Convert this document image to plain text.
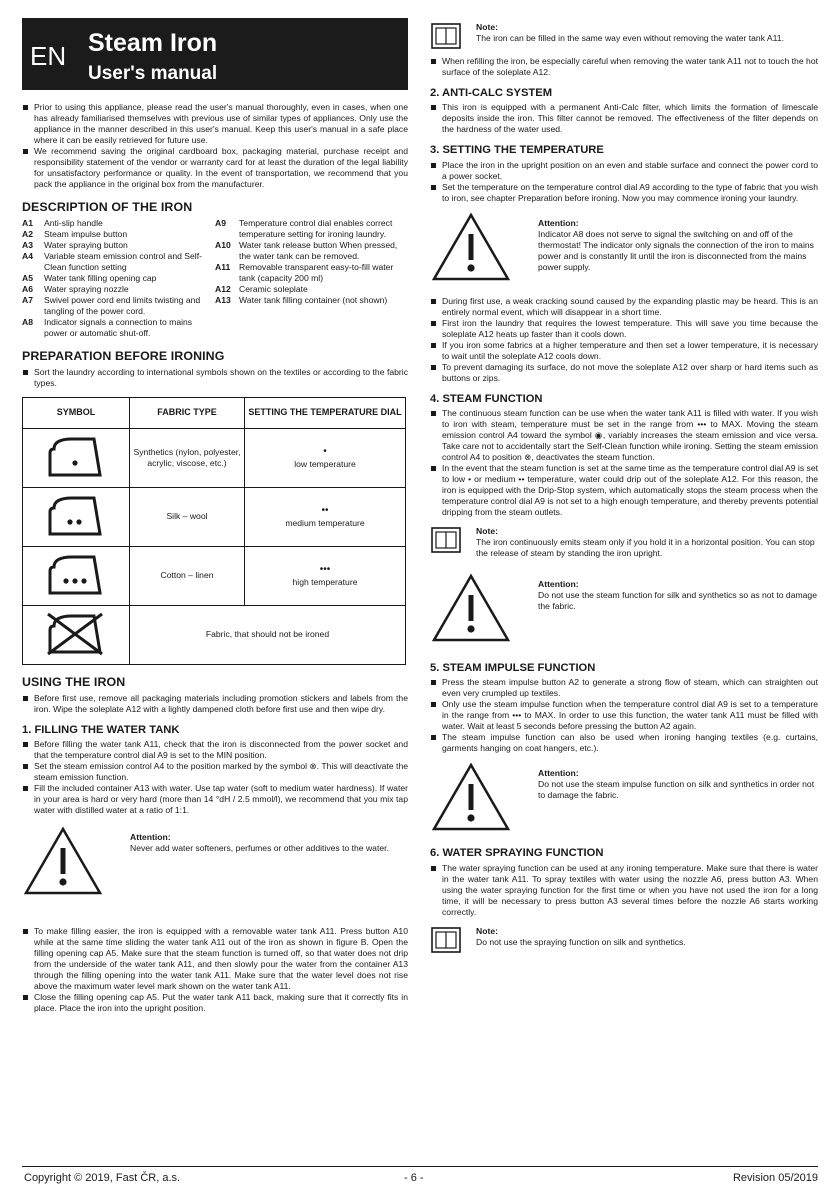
EN Steam Iron
User's manual
Prior to using this appliance, please read the user's manual thoroughly, even in cases, when one has already familiarised themselves with previous use of similar types of appliances. Only use the appliance in the manner described in this user's manual. Keep this user's manual in a safe place where it can be easily retrieved for future use.
We recommend saving the original cardboard box, packaging material, purchase receipt and responsibility statement of the vendor or warranty card for at least the duration of the legal liability for unsatisfactory performance or quality. In the event of transportation, we recommend that you pack the appliance in the original box from the manufacturer.
DESCRIPTION OF THE IRON
A1	Anti-slip handle
A2	Steam impulse button
A3	Water spraying button
A4	Variable steam emission control and Self-Clean function setting
A5	Water tank filling opening cap
A6	Water spraying nozzle
A7	Swivel power cord end limits twisting and tangling of the power cord.
A8	Indicator signals a connection to mains power or automatic shut-off.
A9	Temperature control dial enables correct temperature setting for ironing laundry.
A10 Water tank release button When pressed, the water tank can be removed.
A11	Removable transparent easy-to-fill water tank (capacity 200 ml)
A12 Ceramic soleplate
A13 Water tank filling container (not shown)
PREPARATION BEFORE IRONING
Sort the laundry according to international symbols shown on the textiles or according to the fabric types.
SYMBOL	FABRIC TYPE	SETTING THE TEMPERATURE DIAL
	Synthetics (nylon, polyester, acrylic, viscose, etc.)	•
low temperature

	Silk – wool	••
medium temperature

	Cotton – linen	•••
high temperature

	Fabric, that should not be ironed	
USING THE IRON
Before first use, remove all packaging materials including promotion stickers and labels from the iron. Wipe the soleplate A12 with a lightly dampened cloth before first use and then wipe dry.
1. FILLING THE WATER TANK
Before filling the water tank A11, check that the iron is disconnected from the power socket and that the temperature control dial A9 is set to the MIN position.
Set the steam emission control A4 to the position marked by the symbol ⊗. This will deactivate the steam emission function.
Fill the included container A13 with water. Use tap water (soft to medium water hardness). If water in your area is hard or very hard (more than 14 °dH / 2.5 mmol/l), we recommend that you mix tap water with distilled water at a ratio of 1:1.
Attention:
Never add water softeners, perfumes or other additives to the water.
To make filling easier, the iron is equipped with a removable water tank A11. Press button A10 while at the same time sliding the water tank A11 out of the iron as shown in figure B. Open the filling opening cap A5. Make sure that the steam function is turned off, so that water does not drip from the underside of the water tank A11, and then slowly pour the water from the container A13 through the filling opening into the water tank A11. Make sure that the water level does not rise above the maximum water level mark shown on the water tank A11.
Close the filling opening cap A5. Put the water tank A11 back, making sure that it correctly fits in place. Place the iron into the upright position.
Note:
The iron can be filled in the same way even without removing the water tank A11.
When refilling the iron, be especially careful when removing the water tank A11 not to touch the hot surface of the soleplate A12.
2. ANTI-CALC SYSTEM
This iron is equipped with a permanent Anti-Calc filter, which limits the formation of limescale deposits inside the iron. This filter cannot be removed. The effectiveness of the filter depends on the hardness of the water used.
3. SETTING THE TEMPERATURE
Place the iron in the upright position on an even and stable surface and connect the power cord to a power socket.
Set the temperature on the temperature control dial A9 according to the type of fabric that you wish to iron, see chapter Preparation before ironing. Now you may commence ironing your laundry.
Attention:
Indicator A8 does not serve to signal the switching on and off of the thermostat! The indicator only signals the connection of the iron to mains power and is constantly lit until the iron is disconnected from the mains power supply.
During first use, a weak cracking sound caused by the expanding plastic may be heard. This is an entirely normal event, which will disappear in a short time.
First iron the laundry that requires the lowest temperature. This will save you time because the soleplate A12 heats up faster than it cools down.
If you iron some fabrics at a higher temperature and then set a lower temperature, it is necessary to wait until the soleplate A12 cools down.
To prevent damaging its surface, do not move the soleplate A12 over sharp or hard items such as buttons or zips.
4. STEAM FUNCTION
The continuous steam function can be use when the water tank A11 is filled with water. If you wish to iron with steam, temperature must be set in the range from ••• to MAX. Moving the steam emission control A4 toward the symbol ◉, variably increases the steam emission and vice versa. Take care not to accidentally start the Self-Clean function while ironing. Setting the steam emission control A4 to position ⊗, deactivates the steam function.
In the event that the steam function is set at the same time as the temperature control dial A9 is set to low • or medium •• temperature, water could drip out of the soleplate A12. For this reason, the iron is equipped with the Drip-Stop system, which automatically stops the steam process when the temperature control dial A9 is not set to a high enough temperature, and thereby prevents potential dripping from the steam outlets.
Note:
The iron continuously emits steam only if you hold it in a horizontal position. You can stop the release of steam by standing the iron upright.
Attention:
Do not use the steam function for silk and synthetics so as not to damage the fabric.
5. STEAM IMPULSE FUNCTION
Press the steam impulse button A2 to generate a strong flow of steam, which can straighten out even very crumpled up textiles.
Only use the steam impulse function when the temperature control dial A9 is set to a temperature in the range from ••• to MAX. In order to use this function, the water tank A11 must be filled with water. Wait at least 5 seconds before pressing the button A2 again.
The steam impulse function can also be used when ironing hanging textiles (e.g. curtains, garments hanging on coat hangers, etc.).
Attention:
Do not use the steam impulse function on silk and synthetics in order not to damage the fabric.
6. WATER SPRAYING FUNCTION
The water spraying function can be used at any ironing temperature. Make sure that there is water in the water tank A11. To spray textiles with water using the nozzle A6, press button A3. When using the water spraying function for the first time or when you have not used the iron for a long time, it will be necessary to press button A3 several times before the nozzle A6 starts working correctly.
Note:
Do not use the spraying function on silk and synthetics.
Copyright © 2019, Fast ČR, a.s.	- 6 -	Revision 05/2019
